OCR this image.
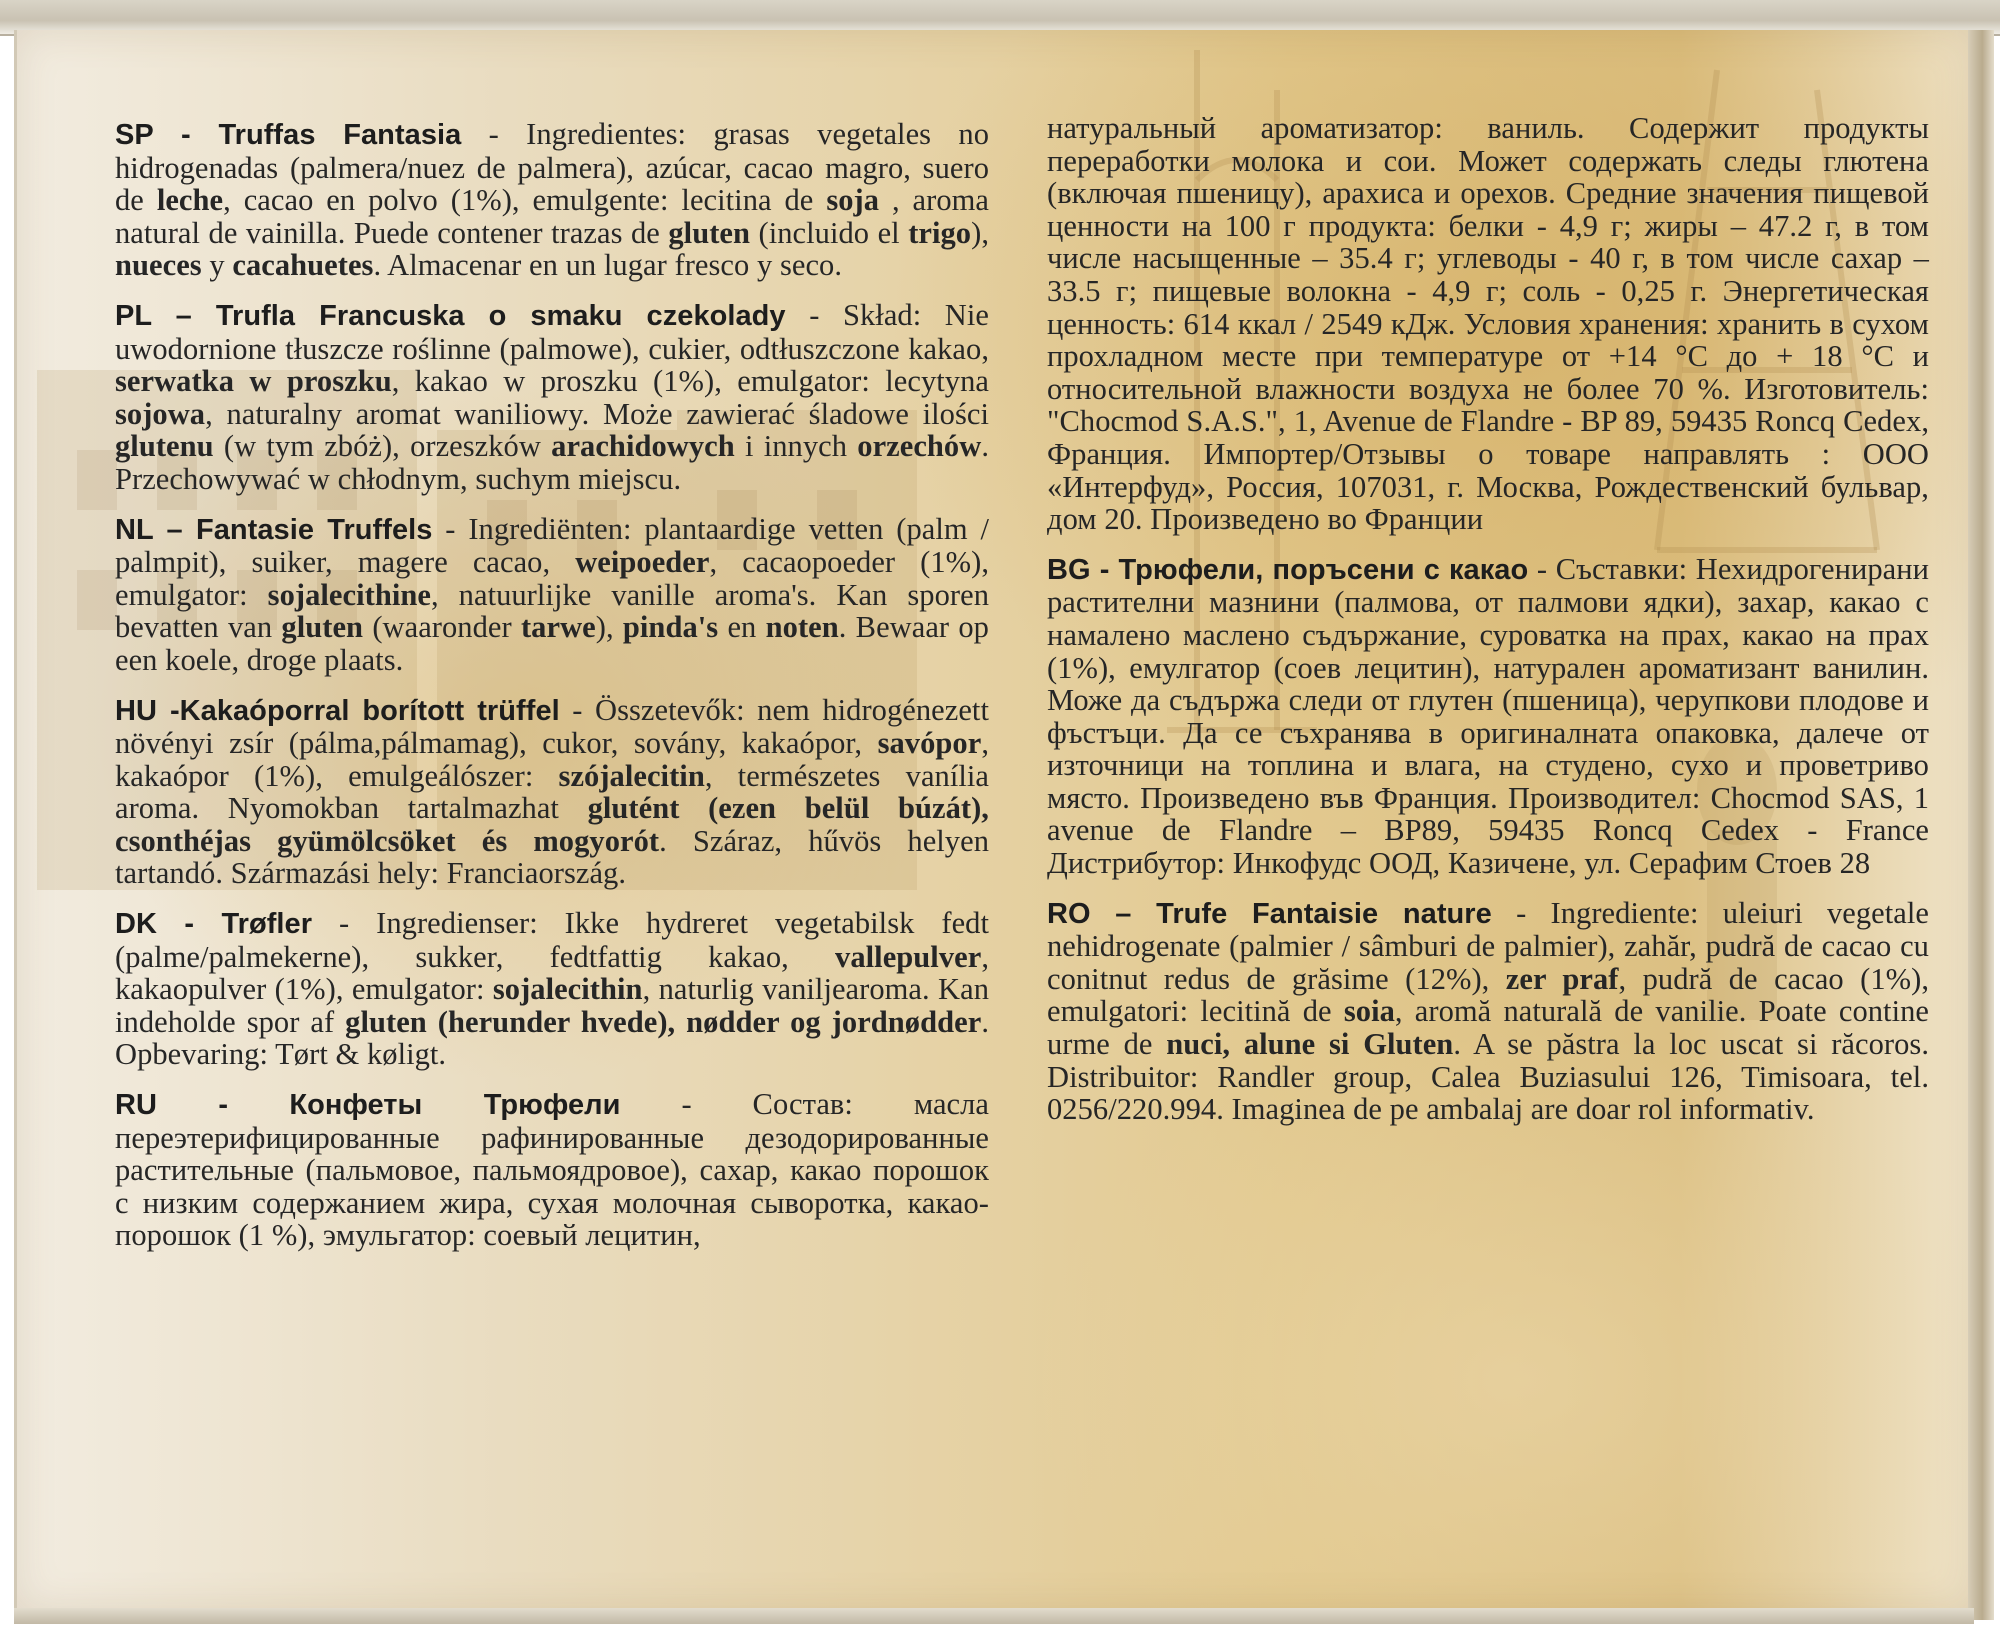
SP - Truffas Fantasia - Ingredientes: grasas vegetales no hidrogenadas (palmera/nuez de palmera), azúcar, cacao magro, suero de leche, cacao en polvo (1%), emulgente: lecitina de soja , aroma natural de vainilla. Puede contener trazas de gluten (incluido el trigo), nueces y cacahuetes. Almacenar en un lugar fresco y seco.

PL – Trufla Francuska o smaku czekolady - Skład: Nie uwodornione tłuszcze roślinne (palmowe), cukier, odtłuszczone kakao, serwatka w proszku, kakao w proszku (1%), emulgator: lecytyna sojowa, naturalny aromat waniliowy. Może zawierać śladowe ilości glutenu (w tym zbóż), orzeszków arachidowych i innych orzechów. Przechowywać w chłodnym, suchym miejscu.

NL – Fantasie Truffels - Ingrediënten: plantaardige vetten (palm / palmpit), suiker, magere cacao, weipoeder, cacaopoeder (1%), emulgator: sojalecithine, natuurlijke vanille aroma's. Kan sporen bevatten van gluten (waaronder tarwe), pinda's en noten. Bewaar op een koele, droge plaats.

HU -Kakaóporral borított trüffel - Összetevők: nem hidrogénezett növényi zsír (pálma,pálmamag), cukor, sovány, kakaópor, savópor, kakaópor (1%), emulgeálószer: szójalecitin, természetes vanília aroma. Nyomokban tartalmazhat glutént (ezen belül búzát), csonthéjas gyümölcsöket és mogyorót. Száraz, hűvös helyen tartandó. Származási hely: Franciaország.

DK - Trøfler - Ingredienser: Ikke hydreret vegetabilsk fedt (palme/palmekerne), sukker, fedtfattig kakao, vallepulver, kakaopulver (1%), emulgator: sojalecithin, naturlig vaniljearoma. Kan indeholde spor af gluten (herunder hvede), nødder og jordnødder. Opbevaring: Tørt & køligt.

RU - Конфеты Трюфели - Состав: масла переэтерифицированные рафинированные дезодорированные растительные (пальмовое, пальмоядровое), сахар, какао порошок с низким содержанием жира, сухая молочная сыворотка, какао-порошок (1 %), эмульгатор: соевый лецитин,

натуральный ароматизатор: ваниль. Содержит продукты переработки молока и сои. Может содержать следы глютена (включая пшеницу), арахиса и орехов. Средние значения пищевой ценности на 100 г продукта: белки - 4,9 г; жиры – 47.2 г, в том числе насыщенные – 35.4 г; углеводы - 40 г, в том числе сахар – 33.5 г; пищевые волокна - 4,9 г; соль - 0,25 г. Энергетическая ценность: 614 ккал / 2549 кДж. Условия хранения: хранить в сухом прохладном месте при температуре от +14 °С до + 18 °С и относительной влажности воздуха не более 70 %. Изготовитель: "Chocmod S.A.S.", 1, Avenue de Flandre - BP 89, 59435 Roncq Cedex, Франция. Импортер/Отзывы о товаре направлять : ООО «Интерфуд», Россия, 107031, г. Москва, Рождественский бульвар, дом 20. Произведено во Франции

BG - Трюфели, поръсени с какао - Съставки: Нехидрогенирани растителни мазнини (палмова, от палмови ядки), захар, какао с намалено масленo съдържание, суроватка на прах, какао на прах (1%), емулгатор (соев лецитин), натурален ароматизант ванилин. Може да съдържа следи от глутен (пшеница), черупкови плодове и фъстъци. Да се съхранява в оригиналната опаковка, далече от източници на топлина и влага, на студено, сухо и проветриво място. Произведено във Франция. Производител: Chocmod SAS, 1 avenue de Flandre – BP89, 59435 Roncq Cedex - France Дистрибутор: Инкофудс ООД, Казичене, ул. Серафим Стоев 28

RO – Trufe Fantaisie nature - Ingrediente: uleiuri vegetale nehidrogenate (palmier / sâmburi de palmier), zahăr, pudră de cacao cu conitnut redus de grăsime (12%), zer praf, pudră de cacao (1%), emulgatori: lecitină de soia, aromă naturală de vanilie. Poate contine urme de nuci, alune si Gluten. A se păstra la loc uscat si răcoros. Distribuitor: Randler group, Calea Buziasului 126, Timisoara, tel. 0256/220.994. Imaginea de pe ambalaj are doar rol informativ.
